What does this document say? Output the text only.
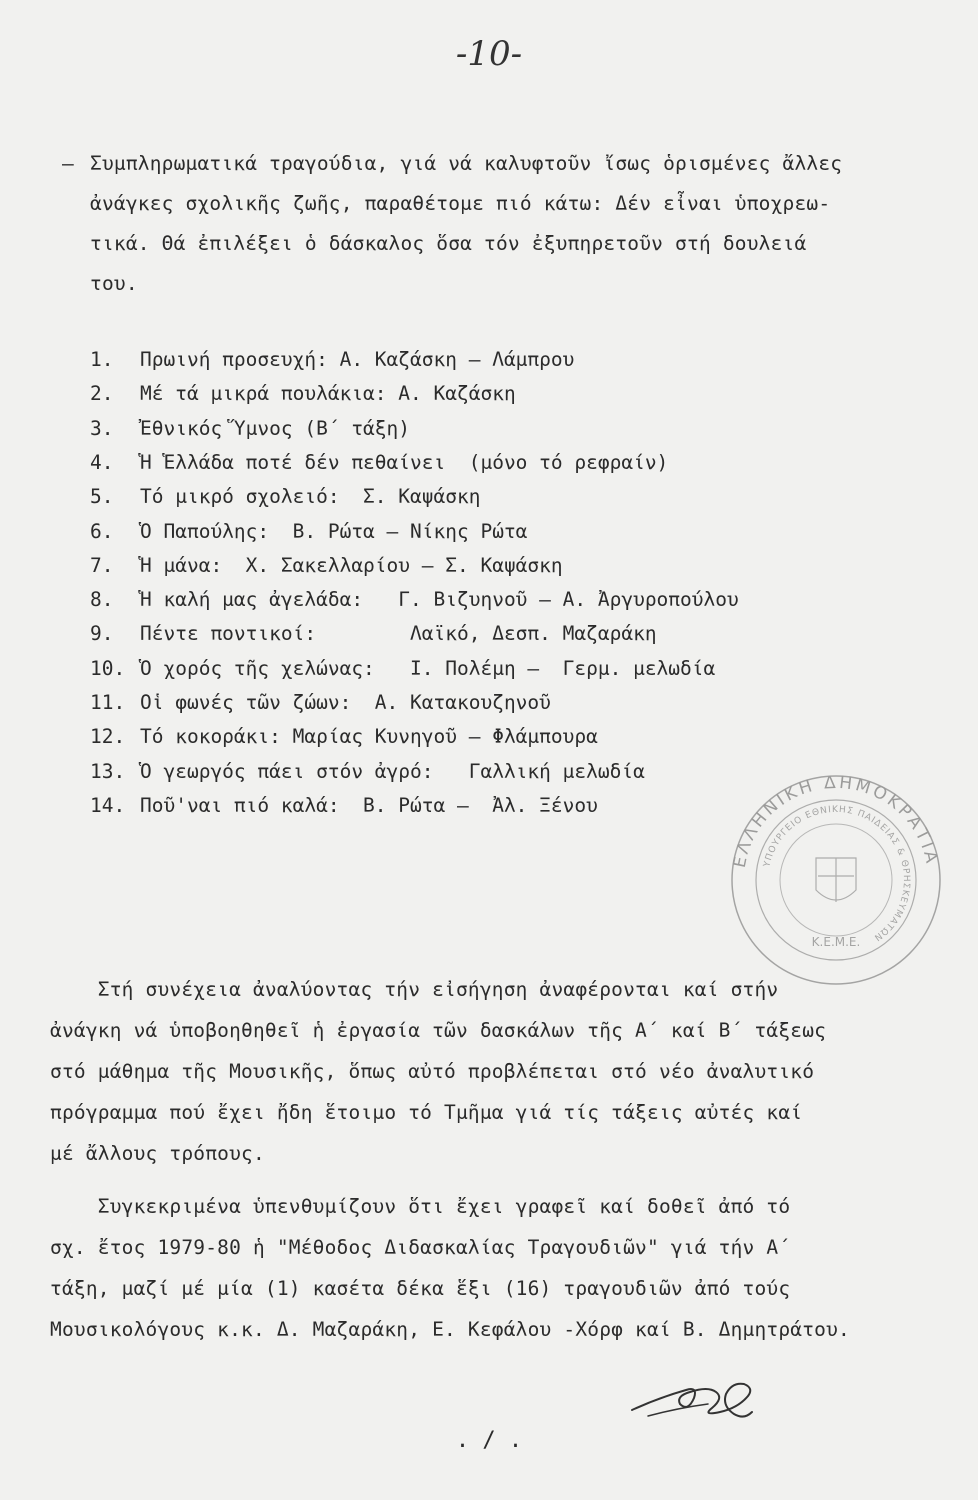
-10-

– Συμπληρωματικά τραγούδια, γιά νά καλυφτοῦν ἴσως ὁρισμένες ἄλλες
ἀνάγκες σχολικῆς ζωῆς, παραθέτομε πιό κάτω: Δέν εἶναι ὑποχρεω-
τικά. Θά ἐπιλέξει ὁ δάσκαλος ὅσα τόν ἐξυπηρετοῦν στή δουλειά
του.
1. Πρωινή προσευχή: Α. Καζάσκη – Λάμπρου
2. Μέ τά μικρά πουλάκια: Α. Καζάσκη
3. Ἐθνικός Ὕμνος (Β΄ τάξη)
4. Ἡ Ἑλλάδα ποτέ δέν πεθαίνει  (μόνο τό ρεφραίν)
5. Τό μικρό σχολειό:  Σ. Καψάσκη
6. Ὁ Παπούλης:  Β. Ρώτα – Νίκης Ρώτα
7. Ἡ μάνα:  Χ. Σακελλαρίου – Σ. Καψάσκη
8. Ἡ καλή μας ἀγελάδα:   Γ. Βιζυηνοῦ – Α. Ἀργυροπούλου
9. Πέντε ποντικοί:        Λαϊκό, Δεσπ. Μαζαράκη
10. Ὁ χορός τῆς χελώνας:   Ι. Πολέμη –  Γερμ. μελωδία
11. Οἱ φωνές τῶν ζώων:  Α. Κατακουζηνοῦ
12. Τό κοκοράκι: Μαρίας Κυνηγοῦ – Φλάμπουρα
13. Ὁ γεωργός πάει στόν ἀγρό:   Γαλλική μελωδία
14. Ποῦ'ναι πιό καλά:  Β. Ρώτα –  Ἀλ. Ξένου
Στή συνέχεια ἀναλύοντας τήν εἰσήγηση ἀναφέρονται καί στήν
ἀνάγκη νά ὑποβοηθηθεῖ ἡ ἐργασία τῶν δασκάλων τῆς Α΄ καί Β΄ τάξεως
στό μάθημα τῆς Μουσικῆς, ὅπως αὐτό προβλέπεται στό νέο ἀναλυτικό
πρόγραμμα πού ἔχει ἤδη ἕτοιμο τό Τμῆμα γιά τίς τάξεις αὐτές καί
μέ ἄλλους τρόπους.
Συγκεκριμένα ὑπενθυμίζουν ὅτι ἔχει γραφεῖ καί δοθεῖ ἀπό τό
σχ. ἔτος 1979-80 ἡ "Μέθοδος Διδασκαλίας Τραγουδιῶν" γιά τήν Α΄
τάξη, μαζί μέ μία (1) κασέτα δέκα ἕξι (16) τραγουδιῶν ἀπό τούς
Μουσικολόγους κ.κ. Δ. Μαζαράκη, Ε. Κεφάλου -Χόρφ καί Β. Δημητράτου.
ΕΛΛΗΝΙΚΗ ΔΗΜΟΚΡΑΤΙΑ
ΥΠΟΥΡΓΕΙΟ ΕΘΝΙΚΗΣ ΠΑΙΔΕΙΑΣ & ΘΡΗΣΚΕΥΜΑΤΩΝ
Κ.Ε.Μ.Ε.
. / .
